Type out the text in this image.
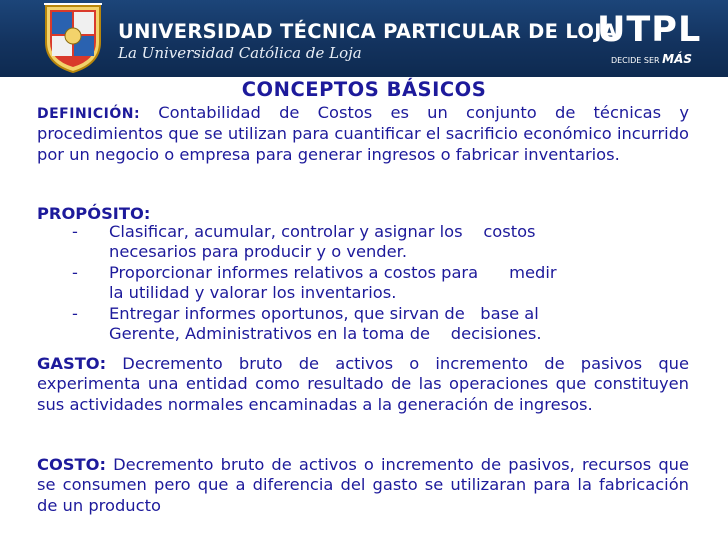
UNIVERSIDAD TÉCNICA PARTICULAR DE LOJA
La Universidad Católica de Loja
UTPL
DECIDE SER MÁS
CONCEPTOS BÁSICOS
DEFINICIÓN: Contabilidad de Costos es un conjunto de técnicas y procedimientos que se utilizan para cuantificar el sacrificio económico incurrido por un negocio o empresa para generar ingresos o fabricar inventarios.
PROPÓSITO:
- Clasificar, acumular, controlar y asignar los    costos
necesarios para producir y o vender.
- Proporcionar informes relativos a costos para      medir
la utilidad y valorar los inventarios.
- Entregar informes oportunos, que sirvan de   base al
Gerente, Administrativos en la toma de    decisiones.
GASTO: Decremento bruto de activos o incremento de pasivos que experimenta una entidad como resultado de las operaciones que constituyen sus actividades normales encaminadas a la generación de ingresos.
COSTO: Decremento bruto de activos o incremento de pasivos, recursos que se consumen pero que a diferencia del gasto se utilizaran para la fabricación de un producto
